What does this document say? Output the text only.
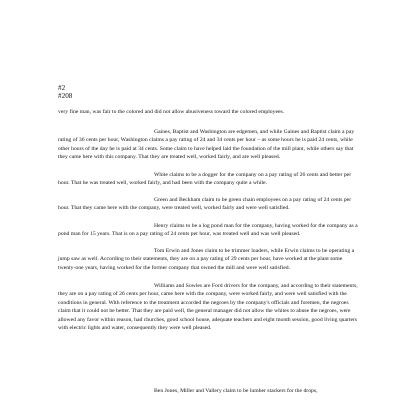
#2
#208
very fine man, was fair to the colored and did not allow abusiveness toward the colored employees.
Gaines, Baptist and Washington are edgemen, and while Gaines and Baptist claim a pay rating of 36 cents per hour, Washington claims a pay rating of 24 and 34 cents per hour – as some hours he is paid 24 cents, while other hours of the day he is paid at 34 cents. Some claim to have helped laid the foundation of the mill plant, while others say that they came here with this company. That they are treated well, worked fairly, and are well pleased.
White claims to be a dogger for the company on a pay rating of 26 cents and better per hour. That he was treated well, worked fairly, and had been with the company quite a while.
Green and Beckham claim to be green chain employees on a pay rating of 24 cents per hour. That they came here with the company, were treated well, worked fairly and were well satisfied.
Henry claims to be a log pond man for the company, having worked for the company as a pond man for 15 years. That is on a pay rating of 24 cents per hour, was treated well and was well pleased.
Tom Erwin and Jones claim to be trimmer loaders, while Erwin claims to be operating a jump saw as well. According to their statements, they are on a pay rating of 29 cents per hour, have worked at the plant some twenty-one years, having worked for the former company that owned the mill and were well satisfied.
Williams and Sowles are Ford drivers for the company, and according to their statements, they are on a pay rating of 26 cents per hour, came here with the company, were worked fairly, and were well satisfied with the conditions in general. With reference to the treatment accorded the negroes by the company's officials and foremen, the negroes claim that it could not be better. That they are paid well, the general manager did not allow the whites to abuse the negroes, were allowed any favor within reason, had churches, good school house, adequate teachers and eight month session, good living quarters with electric lights and water, consequently they were well pleased.
Ben Jones, Miller and Vallery claim to be lumber stackers for the drops,
